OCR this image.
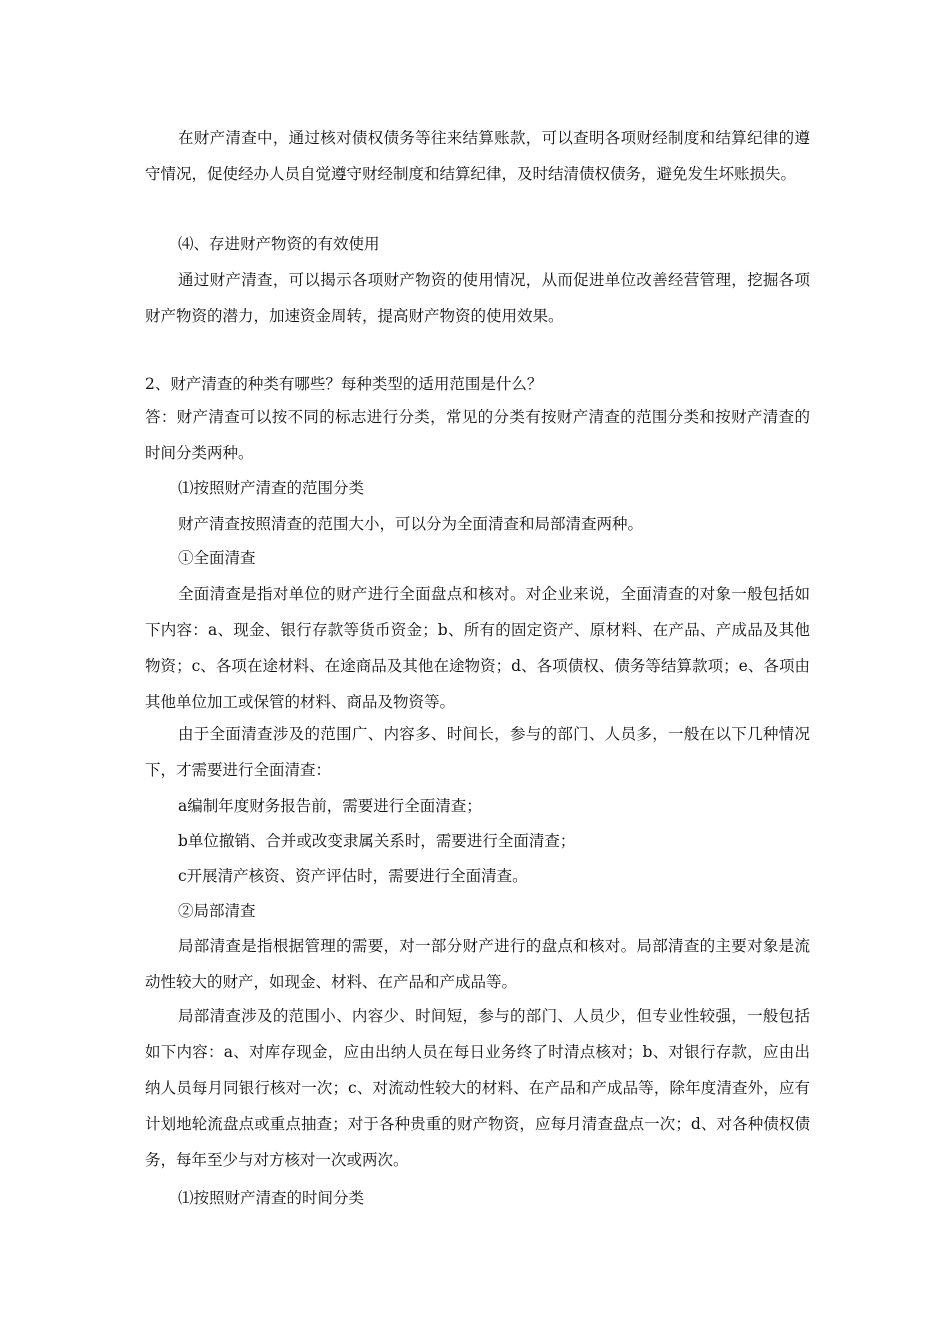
在财产清查中，通过核对债权债务等往来结算账款，可以查明各项财经制度和结算纪律的遵守情况，促使经办人员自觉遵守财经制度和结算纪律，及时结清债权债务，避免发生坏账损失。

⑷、存进财产物资的有效使用

通过财产清查，可以揭示各项财产物资的使用情况，从而促进单位改善经营管理，挖掘各项财产物资的潜力，加速资金周转，提高财产物资的使用效果。

2、财产清查的种类有哪些？每种类型的适用范围是什么？

答：财产清查可以按不同的标志进行分类，常见的分类有按财产清查的范围分类和按财产清查的时间分类两种。

⑴按照财产清查的范围分类

财产清查按照清查的范围大小，可以分为全面清查和局部清查两种。

①全面清查

全面清查是指对单位的财产进行全面盘点和核对。对企业来说，全面清查的对象一般包括如下内容：a、现金、银行存款等货币资金；b、所有的固定资产、原材料、在产品、产成品及其他物资；c、各项在途材料、在途商品及其他在途物资；d、各项债权、债务等结算款项；e、各项由其他单位加工或保管的材料、商品及物资等。

由于全面清查涉及的范围广、内容多、时间长，参与的部门、人员多，一般在以下几种情况下，才需要进行全面清查：

a编制年度财务报告前，需要进行全面清查；

b单位撤销、合并或改变隶属关系时，需要进行全面清查；

c开展清产核资、资产评估时，需要进行全面清查。

②局部清查

局部清查是指根据管理的需要，对一部分财产进行的盘点和核对。局部清查的主要对象是流动性较大的财产，如现金、材料、在产品和产成品等。

局部清查涉及的范围小、内容少、时间短，参与的部门、人员少，但专业性较强，一般包括如下内容：a、对库存现金，应由出纳人员在每日业务终了时清点核对；b、对银行存款，应由出纳人员每月同银行核对一次；c、对流动性较大的材料、在产品和产成品等，除年度清查外，应有计划地轮流盘点或重点抽查；对于各种贵重的财产物资，应每月清查盘点一次；d、对各种债权债务，每年至少与对方核对一次或两次。

⑴按照财产清查的时间分类
